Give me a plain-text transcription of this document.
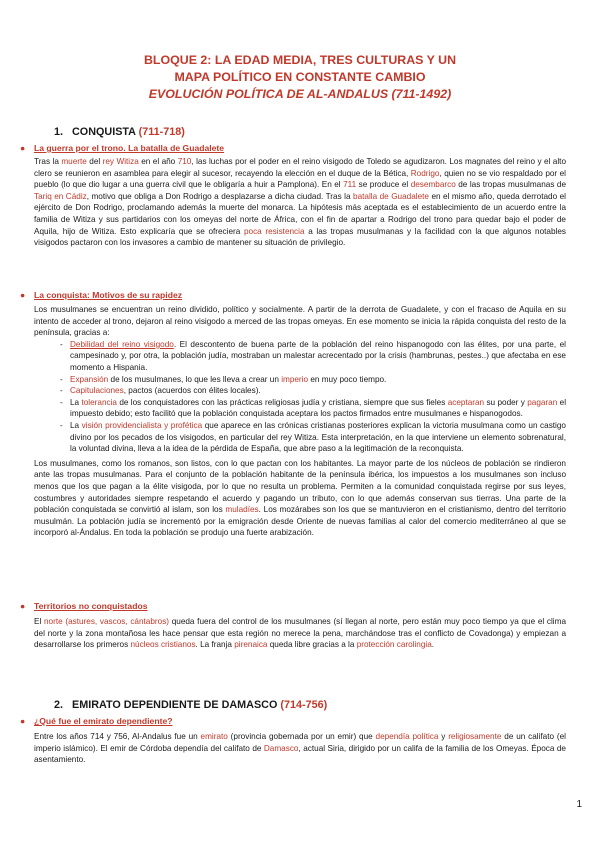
BLOQUE 2: LA EDAD MEDIA, TRES CULTURAS Y UN
MAPA POLÍTICO EN CONSTANTE CAMBIO
EVOLUCIÓN POLÍTICA DE AL-ANDALUS (711-1492)
1. CONQUISTA (711-718)
● La guerra por el trono. La batalla de Guadalete

Tras la muerte del rey Witiza en el año 710, las luchas por el poder en el reino visigodo de Toledo se agudizaron. Los magnates del reino y el alto clero se reunieron en asamblea para elegir al sucesor, recayendo la elección en el duque de la Bética, Rodrigo, quien no se vio respaldado por el pueblo (lo que dio lugar a una guerra civil que le obligaría a huir a Pamplona). En el 711 se produce el desembarco de las tropas musulmanas de Tariq en Cádiz, motivo que obliga a Don Rodrigo a desplazarse a dicha ciudad. Tras la batalla de Guadalete en el mismo año, queda derrotado el ejército de Don Rodrigo, proclamando además la muerte del monarca. La hipótesis más aceptada es el establecimiento de un acuerdo entre la familia de Witiza y sus partidarios con los omeyas del norte de África, con el fin de apartar a Rodrigo del trono para quedar bajo el poder de Aquila, hijo de Witiza. Esto explicaría que se ofreciera poca resistencia a las tropas musulmanas y la facilidad con la que algunos notables visigodos pactaron con los invasores a cambio de mantener su situación de privilegio.

● La conquista: Motivos de su rapidez

Los musulmanes se encuentran un reino dividido, político y socialmente. A partir de la derrota de Guadalete, y con el fracaso de Aquila en su intento de acceder al trono, dejaron al reino visigodo a merced de las tropas omeyas. En ese momento se inicia la rápida conquista del resto de la península, gracias a:

- Debilidad del reino visigodo. El descontento de buena parte de la población del reino hispanogodo con las élites, por una parte, el campesinado y, por otra, la población judía, mostraban un malestar acrecentado por la crisis (hambrunas, pestes..) que afectaba en ese momento a Hispania.
- Expansión de los musulmanes, lo que les lleva a crear un imperio en muy poco tiempo.
- Capitulaciones, pactos (acuerdos con élites locales).
- La tolerancia de los conquistadores con las prácticas religiosas judía y cristiana, siempre que sus fieles aceptaran su poder y pagaran el impuesto debido; esto facilitó que la población conquistada aceptara los pactos firmados entre musulmanes e hispanogodos.
- La visión providencialista y profética que aparece en las crónicas cristianas posteriores explican la victoria musulmana como un castigo divino por los pecados de los visigodos, en particular del rey Witiza. Esta interpretación, en la que interviene un elemento sobrenatural, la voluntad divina, lleva a la idea de la pérdida de España, que abre paso a la legitimación de la reconquista.

Los musulmanes, como los romanos, son listos, con lo que pactan con los habitantes. La mayor parte de los núcleos de población se rindieron ante las tropas musulmanas. Para el conjunto de la población habitante de la península ibérica, los impuestos a los musulmanes son incluso menos que los que pagan a la élite visigoda, por lo que no resulta un problema. Permiten a la comunidad conquistada regirse por sus leyes, costumbres y autoridades siempre respetando el acuerdo y pagando un tributo, con lo que además conservan sus tierras. Una parte de la población conquistada se convirtió al islam, son los muladíes. Los mozárabes son los que se mantuvieron en el cristianismo, dentro del territorio musulmán. La población judía se incrementó por la emigración desde Oriente de nuevas familias al calor del comercio mediterráneo al que se incorporó al-Ándalus. En toda la población se produjo una fuerte arabización.

● Territorios no conquistados

El norte (astures, vascos, cántabros) queda fuera del control de los musulmanes (sí llegan al norte, pero están muy poco tiempo ya que el clima del norte y la zona montañosa les hace pensar que esta región no merece la pena, marchándose tras el conflicto de Covadonga) y empiezan a desarrollarse los primeros núcleos cristianos. La franja pirenaica queda libre gracias a la protección carolingia.

2. EMIRATO DEPENDIENTE DE DAMASCO (714-756)
● ¿Qué fue el emirato dependiente?

Entre los años 714 y 756, Al-Andalus fue un emirato (provincia gobernada por un emir) que dependía política y religiosamente de un califato (el imperio islámico). El emir de Córdoba dependía del califato de Damasco, actual Siria, dirigido por un califa de la familia de los Omeyas. Época de asentamiento.

1
